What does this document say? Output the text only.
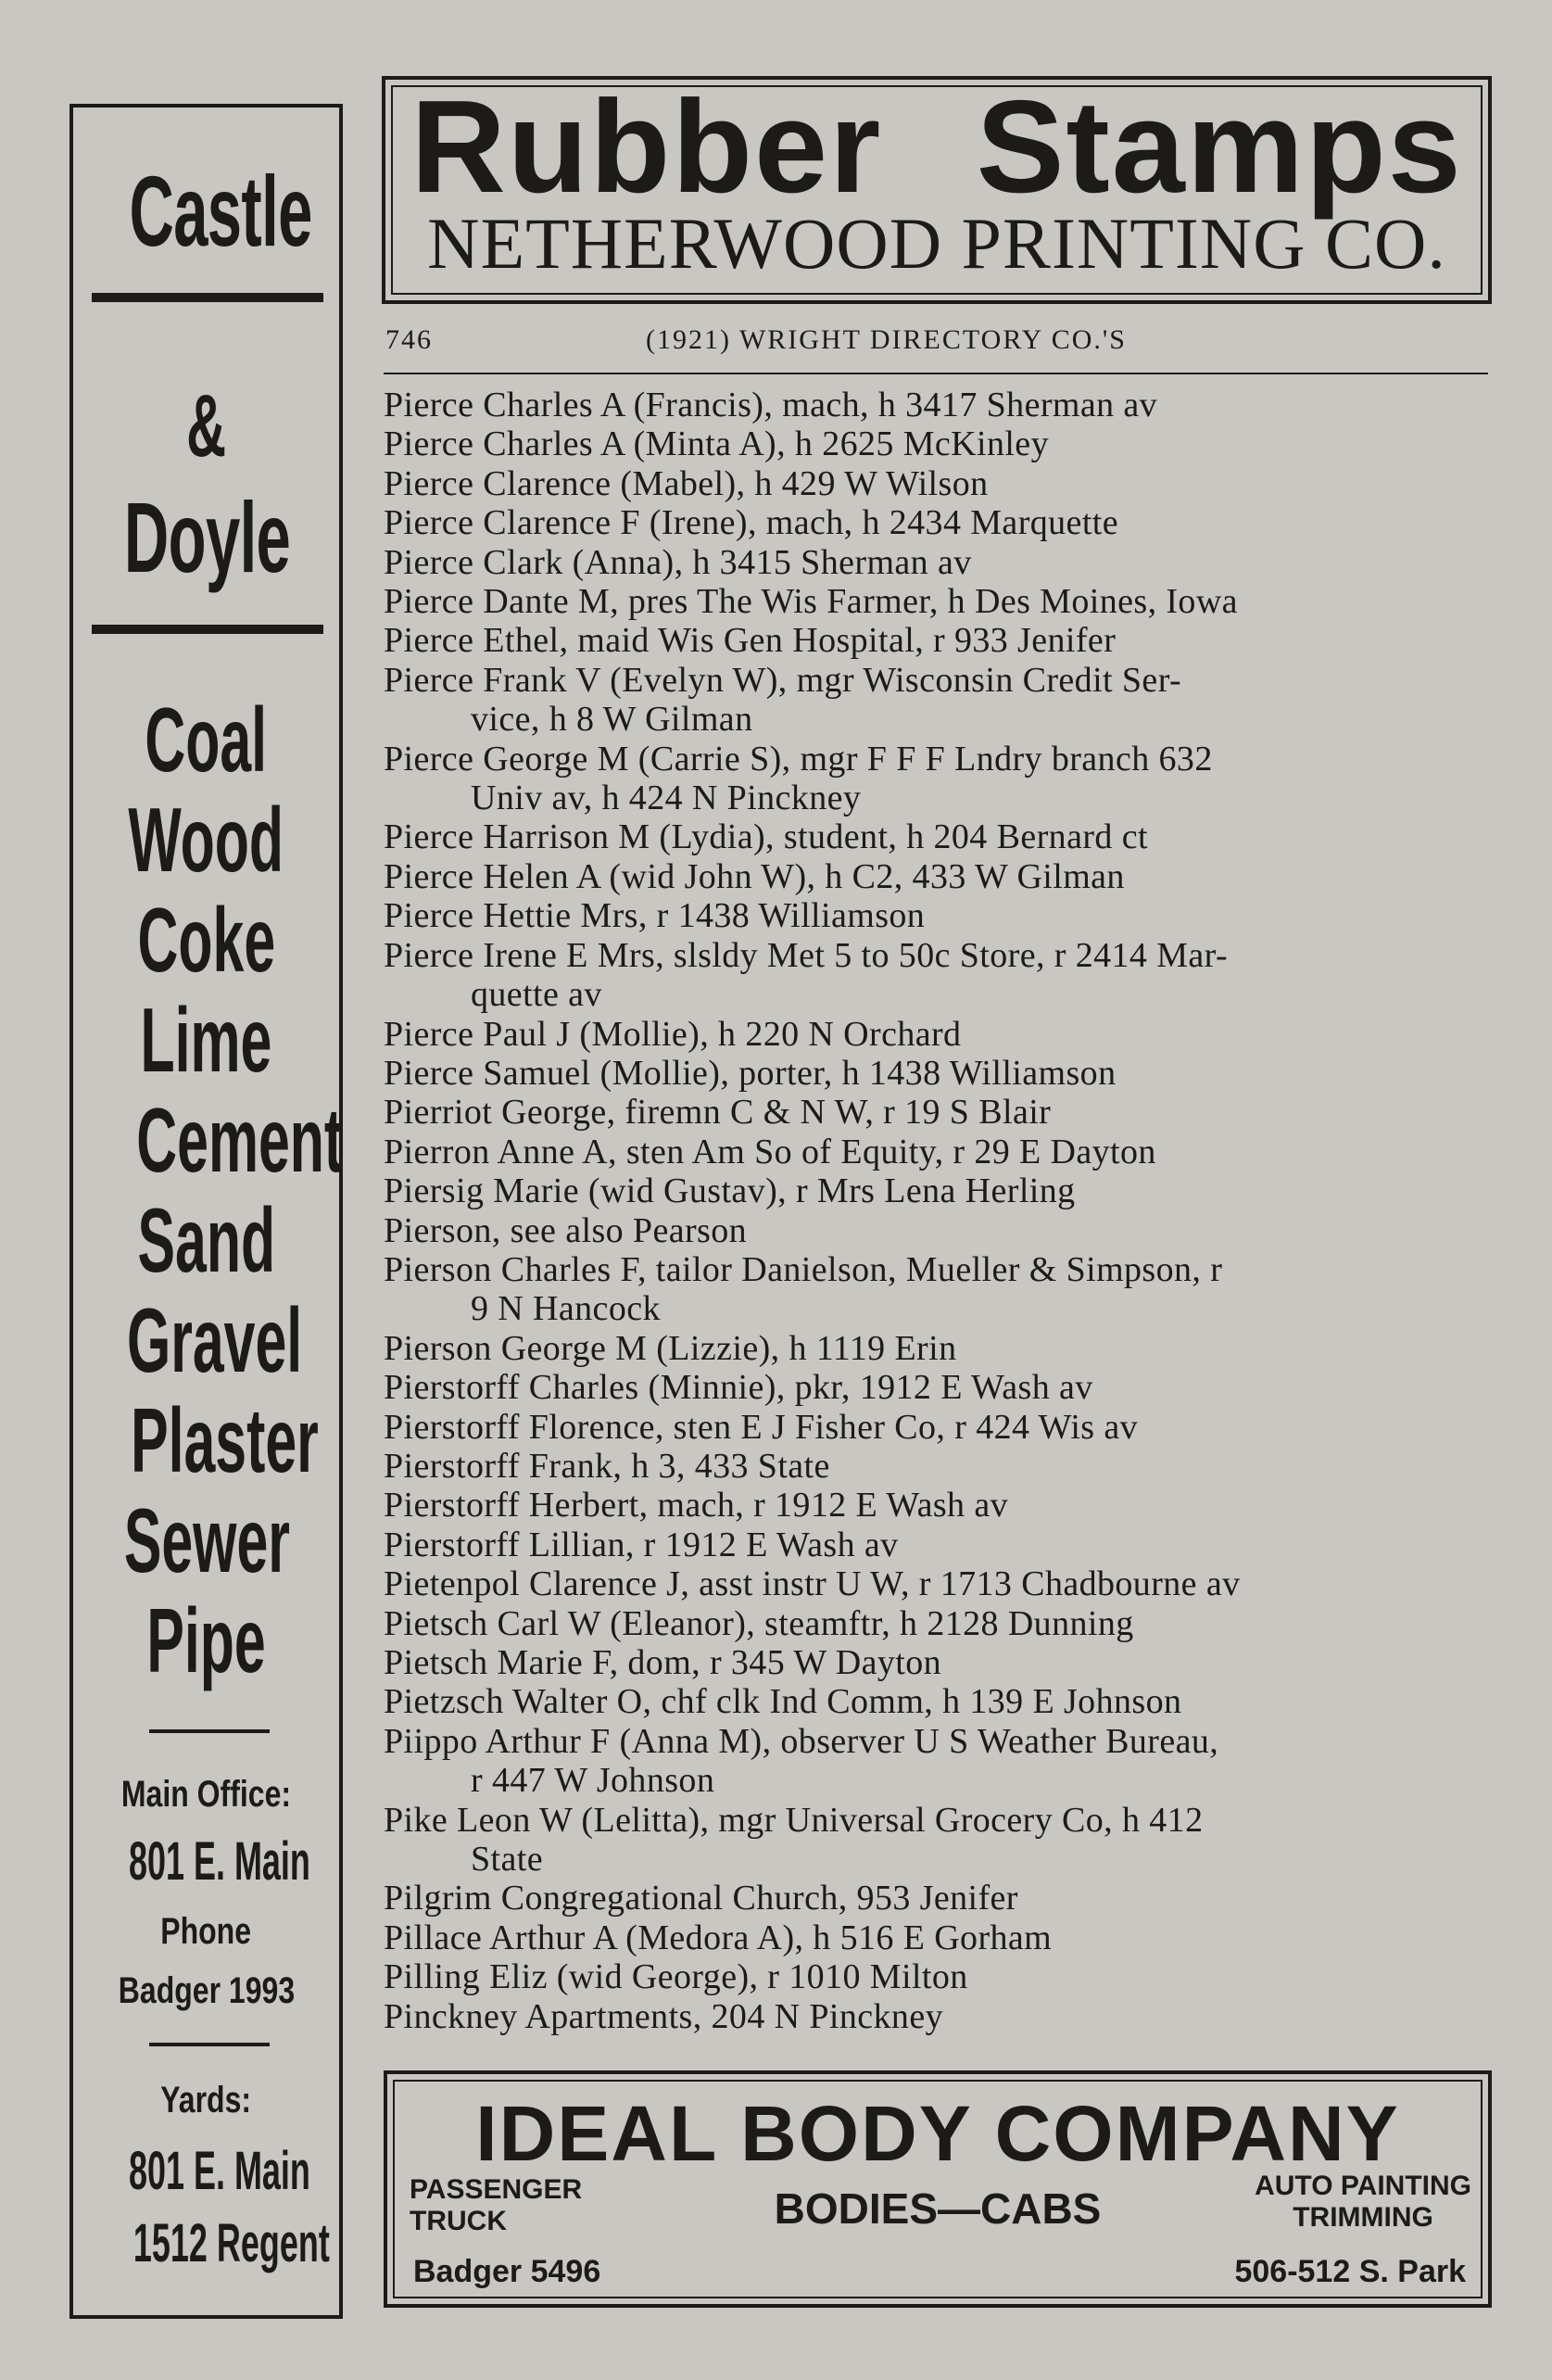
Castle
&
Doyle
Coal
Wood
Coke
Lime
Cement
Sand
Gravel
Plaster
Sewer
Pipe
Main Office:
801 E. Main
Phone
Badger 1993
Yards:
801 E. Main
1512 Regent
Rubber Stamps
NETHERWOOD PRINTING CO.
746	(1921) WRIGHT DIRECTORY CO.'S
Pierce Charles A (Francis), mach, h 3417 Sherman av
Pierce Charles A (Minta A), h 2625 McKinley
Pierce Clarence (Mabel), h 429 W Wilson
Pierce Clarence F (Irene), mach, h 2434 Marquette
Pierce Clark (Anna), h 3415 Sherman av
Pierce Dante M, pres The Wis Farmer, h Des Moines, Iowa
Pierce Ethel, maid Wis Gen Hospital, r 933 Jenifer
Pierce Frank V (Evelyn W), mgr Wisconsin Credit Ser-
vice, h 8 W Gilman
Pierce George M (Carrie S), mgr F F F Lndry branch 632
Univ av, h 424 N Pinckney
Pierce Harrison M (Lydia), student, h 204 Bernard ct
Pierce Helen A (wid John W), h C2, 433 W Gilman
Pierce Hettie Mrs, r 1438 Williamson
Pierce Irene E Mrs, slsldy Met 5 to 50c Store, r 2414 Mar-
quette av
Pierce Paul J (Mollie), h 220 N Orchard
Pierce Samuel (Mollie), porter, h 1438 Williamson
Pierriot George, firemn C & N W, r 19 S Blair
Pierron Anne A, sten Am So of Equity, r 29 E Dayton
Piersig Marie (wid Gustav), r Mrs Lena Herling
Pierson, see also Pearson
Pierson Charles F, tailor Danielson, Mueller & Simpson, r
9 N Hancock
Pierson George M (Lizzie), h 1119 Erin
Pierstorff Charles (Minnie), pkr, 1912 E Wash av
Pierstorff Florence, sten E J Fisher Co, r 424 Wis av
Pierstorff Frank, h 3, 433 State
Pierstorff Herbert, mach, r 1912 E Wash av
Pierstorff Lillian, r 1912 E Wash av
Pietenpol Clarence J, asst instr U W, r 1713 Chadbourne av
Pietsch Carl W (Eleanor), steamftr, h 2128 Dunning
Pietsch Marie F, dom, r 345 W Dayton
Pietzsch Walter O, chf clk Ind Comm, h 139 E Johnson
Piippo Arthur F (Anna M), observer U S Weather Bureau,
r 447 W Johnson
Pike Leon W (Lelitta), mgr Universal Grocery Co, h 412
State
Pilgrim Congregational Church, 953 Jenifer
Pillace Arthur A (Medora A), h 516 E Gorham
Pilling Eliz (wid George), r 1010 Milton
Pinckney Apartments, 204 N Pinckney
IDEAL BODY COMPANY
PASSENGER
TRUCK
Badger 5496
BODIES—CABS	AUTO PAINTING
TRIMMING
506-512 S. Park
